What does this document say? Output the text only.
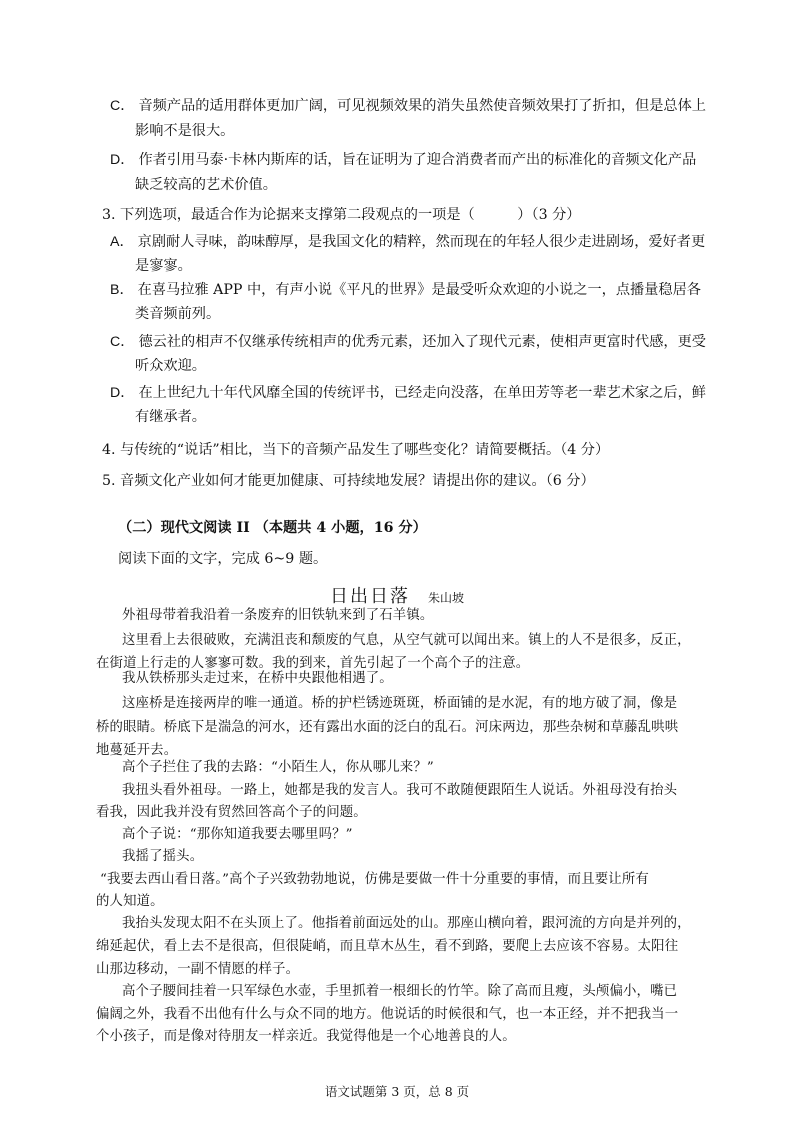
C． 音频产品的适用群体更加广阔，可见视频效果的消失虽然使音频效果打了折扣，但是总体上
影响不是很大。
D． 作者引用马泰·卡林内斯库的话，旨在证明为了迎合消费者而产出的标准化的音频文化产品
缺乏较高的艺术价值。
3. 下列选项，最适合作为论据来支撑第二段观点的一项是（　　　）（3 分）
A． 京剧耐人寻味，韵味醇厚，是我国文化的精粹，然而现在的年轻人很少走进剧场，爱好者更
是寥寥。
B． 在喜马拉雅 APP 中，有声小说《平凡的世界》是最受听众欢迎的小说之一，点播量稳居各
类音频前列。
C． 德云社的相声不仅继承传统相声的优秀元素，还加入了现代元素，使相声更富时代感，更受
听众欢迎。
D． 在上世纪九十年代风靡全国的传统评书，已经走向没落，在单田芳等老一辈艺术家之后，鲜
有继承者。
4. 与传统的“说话”相比，当下的音频产品发生了哪些变化？请简要概括。（4 分）
5. 音频文化产业如何才能更加健康、可持续地发展？请提出你的建议。（6 分）
（二）现代文阅读 II （本题共 4 小题，16 分）
阅读下面的文字，完成 6~9 题。
日出日落 朱山坡
外祖母带着我沿着一条废弃的旧铁轨来到了石羊镇。
这里看上去很破败，充满沮丧和颓废的气息，从空气就可以闻出来。镇上的人不是很多，反正，
在街道上行走的人寥寥可数。我的到来，首先引起了一个高个子的注意。
我从铁桥那头走过来，在桥中央跟他相遇了。
这座桥是连接两岸的唯一通道。桥的护栏锈迹斑斑，桥面铺的是水泥，有的地方破了洞，像是
桥的眼睛。桥底下是湍急的河水，还有露出水面的泛白的乱石。河床两边，那些杂树和草藤乱哄哄
地蔓延开去。
高个子拦住了我的去路：“小陌生人，你从哪儿来？”
我扭头看外祖母。一路上，她都是我的发言人。我可不敢随便跟陌生人说话。外祖母没有抬头
看我，因此我并没有贸然回答高个子的问题。
高个子说：“那你知道我要去哪里吗？”
我摇了摇头。
“我要去西山看日落。”高个子兴致勃勃地说，仿佛是要做一件十分重要的事情，而且要让所有
的人知道。
我抬头发现太阳不在头顶上了。他指着前面远处的山。那座山横向着，跟河流的方向是并列的，
绵延起伏，看上去不是很高，但很陡峭，而且草木丛生，看不到路，要爬上去应该不容易。太阳往
山那边移动，一副不情愿的样子。
高个子腰间挂着一只军绿色水壶，手里抓着一根细长的竹竿。除了高而且瘦，头颅偏小，嘴已
偏阔之外，我看不出他有什么与众不同的地方。他说话的时候很和气，也一本正经，并不把我当一
个小孩子，而是像对待朋友一样亲近。我觉得他是一个心地善良的人。
语文试题第 3 页，总 8 页
